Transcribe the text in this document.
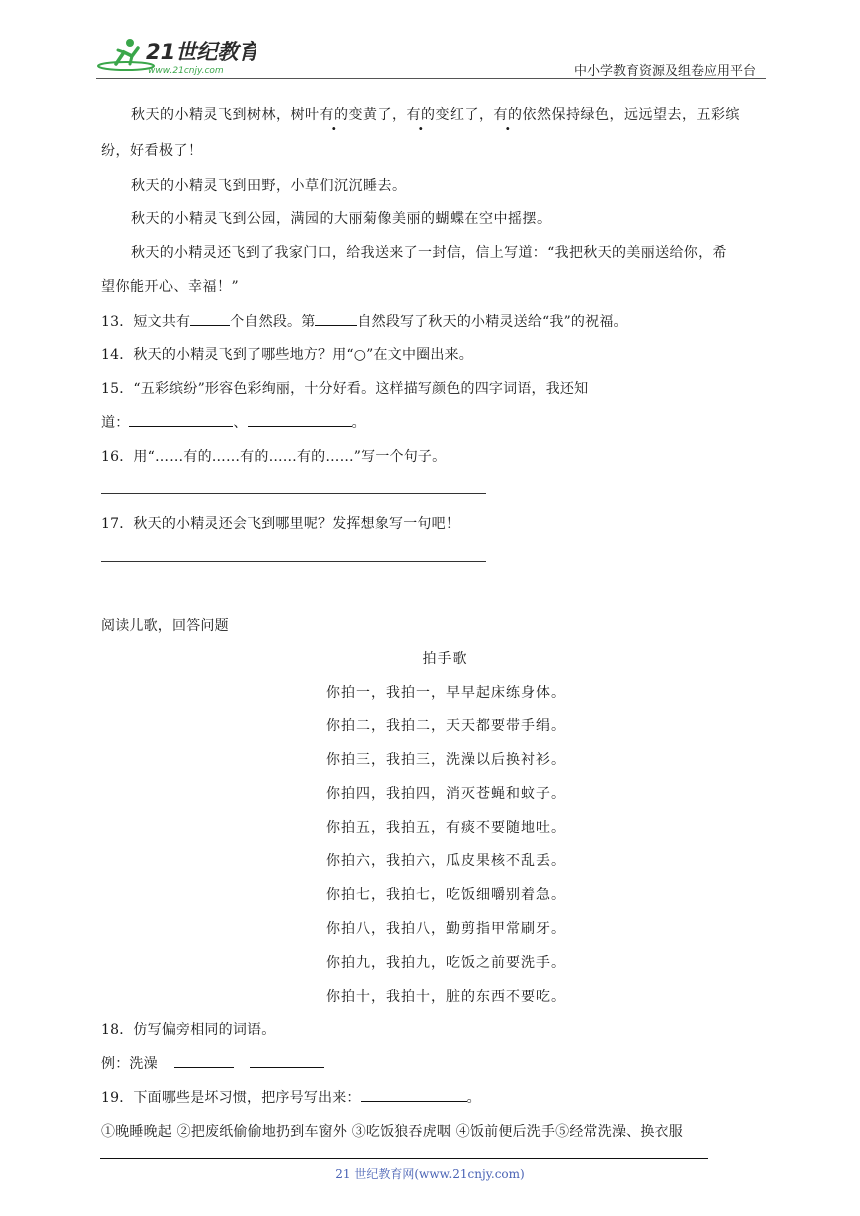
21世纪教育
www.21cnjy.com	中小学教育资源及组卷应用平台
秋天的小精灵飞到树林，树叶有的变黄了，有的变红了，有的依然保持绿色，远远望去，五彩缤
纷，好看极了！
秋天的小精灵飞到田野，小草们沉沉睡去。
秋天的小精灵飞到公园，满园的大丽菊像美丽的蝴蝶在空中摇摆。
秋天的小精灵还飞到了我家门口，给我送来了一封信，信上写道：“我把秋天的美丽送给你，希
望你能开心、幸福！”
13．短文共有	个自然段。第	自然段写了秋天的小精灵送给“我”的祝福。
14．秋天的小精灵飞到了哪些地方？用“○”在文中圈出来。
15．“五彩缤纷”形容色彩绚丽，十分好看。这样描写颜色的四字词语，我还知
道：	、	。
16．用“……有的……有的……有的……”写一个句子。
17．秋天的小精灵还会飞到哪里呢？发挥想象写一句吧！
阅读儿歌，回答问题
拍手歌
你拍一，我拍一，早早起床练身体。
你拍二，我拍二，天天都要带手绢。
你拍三，我拍三，洗澡以后换衬衫。
你拍四，我拍四，消灭苍蝇和蚊子。
你拍五，我拍五，有痰不要随地吐。
你拍六，我拍六，瓜皮果核不乱丢。
你拍七，我拍七，吃饭细嚼别着急。
你拍八，我拍八，勤剪指甲常刷牙。
你拍九，我拍九，吃饭之前要洗手。
你拍十，我拍十，脏的东西不要吃。
18．仿写偏旁相同的词语。
例：洗澡
19．下面哪些是坏习惯，把序号写出来：	。
①晚睡晚起 ②把废纸偷偷地扔到车窗外 ③吃饭狼吞虎咽 ④饭前便后洗手⑤经常洗澡、换衣服
21 世纪教育网(www.21cnjy.com)
